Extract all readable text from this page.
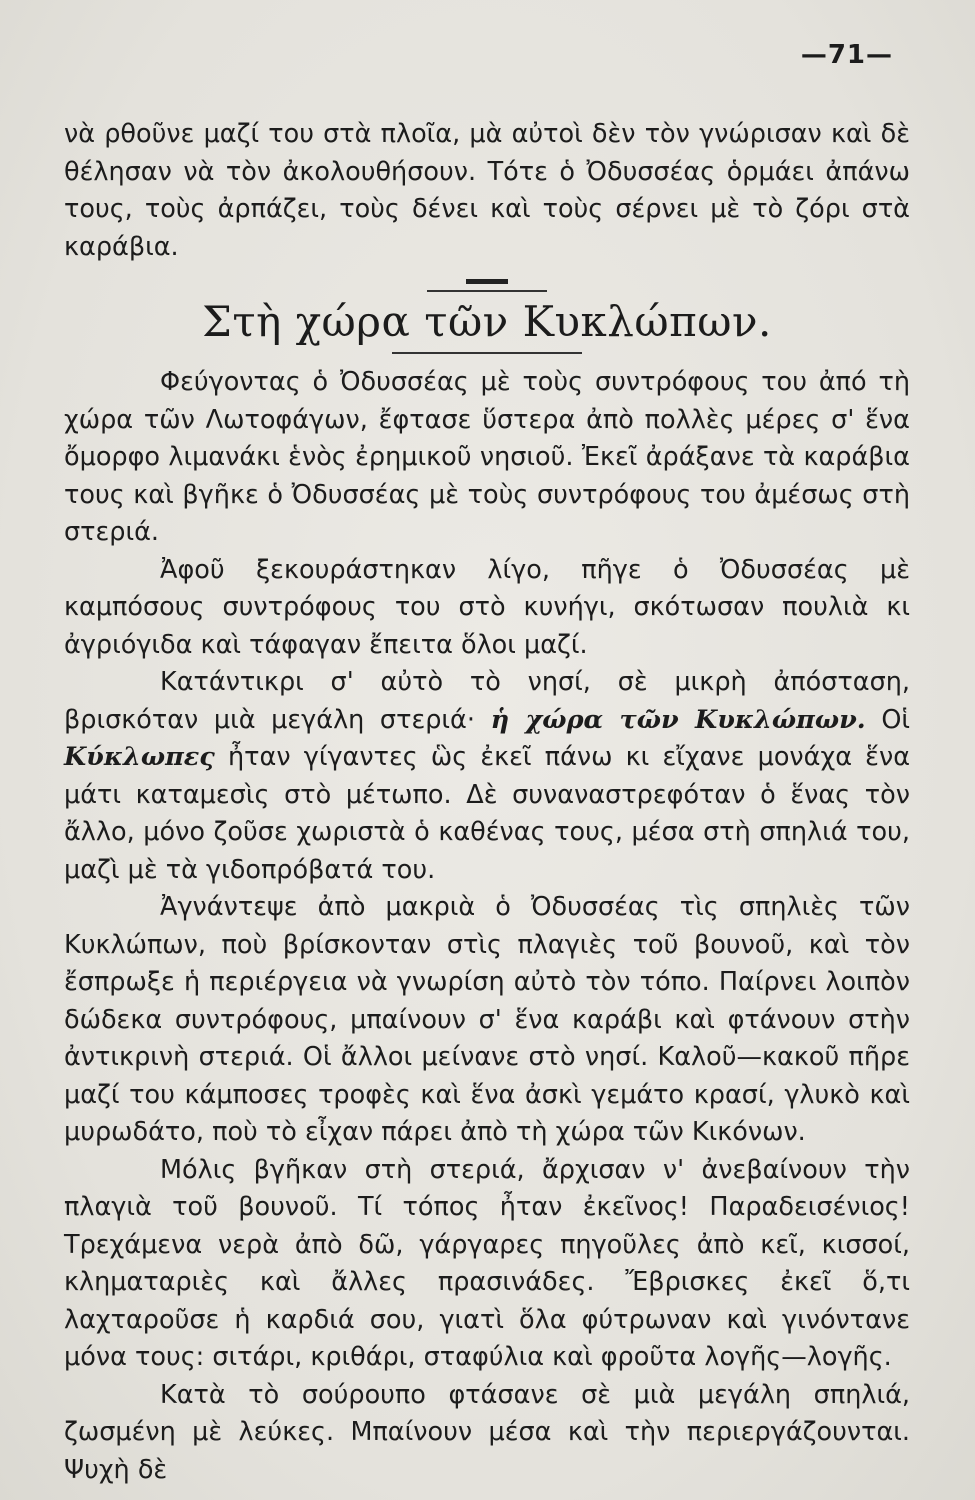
—71—

νὰ ρθοῦνε μαζί του στὰ πλοῖα, μὰ αὐτοὶ δὲν τὸν γνώρισαν καὶ δὲ θέλησαν νὰ τὸν ἀκολουθήσουν. Τότε ὁ Ὀδυσσέας ὁρμάει ἀπάνω τους, τοὺς ἀρπάζει, τοὺς δένει καὶ τοὺς σέρνει μὲ τὸ ζόρι στὰ καράβια.

Στὴ χώρα τῶν Κυκλώπων.

Φεύγοντας ὁ Ὀδυσσέας μὲ τοὺς συντρόφους του ἀπό τὴ χώρα τῶν Λωτοφάγων, ἔφτασε ὕστερα ἀπὸ πολλὲς μέρες σ' ἕνα ὄμορφο λιμανάκι ἑνὸς ἐρημικοῦ νησιοῦ. Ἐκεῖ ἀράξανε τὰ καράβια τους καὶ βγῆκε ὁ Ὀδυσσέας μὲ τοὺς συντρόφους του ἀμέσως στὴ στεριά.

Ἀφοῦ ξεκουράστηκαν λίγο, πῆγε ὁ Ὀδυσσέας μὲ καμπόσους συντρόφους του στὸ κυνήγι, σκότωσαν πουλιὰ κι ἀγριόγιδα καὶ τάφαγαν ἔπειτα ὅλοι μαζί.

Κατάντικρι σ' αὐτὸ τὸ νησί, σὲ μικρὴ ἀπόσταση, βρισκόταν μιὰ μεγάλη στεριά· ἡ χώρα τῶν Κυκλώπων. Οἱ Κύκλωπες ἦταν γίγαντες ὣς ἐκεῖ πάνω κι εἴχανε μονάχα ἕνα μάτι καταμεσὶς στὸ μέτωπο. Δὲ συναναστρεφόταν ὁ ἕνας τὸν ἄλλο, μόνο ζοῦσε χωριστὰ ὁ καθένας τους, μέσα στὴ σπηλιά του, μαζὶ μὲ τὰ γιδοπρόβατά του.

Ἀγνάντεψε ἀπὸ μακριὰ ὁ Ὀδυσσέας τὶς σπηλιὲς τῶν Κυκλώπων, ποὺ βρίσκονταν στὶς πλαγιὲς τοῦ βουνοῦ, καὶ τὸν ἔσπρωξε ἡ περιέργεια νὰ γνωρίση αὐτὸ τὸν τόπο. Παίρνει λοιπὸν δώδεκα συντρόφους, μπαίνουν σ' ἕνα καράβι καὶ φτάνουν στὴν ἀντικρινὴ στεριά. Οἱ ἄλλοι μείνανε στὸ νησί. Καλοῦ—κακοῦ πῆρε μαζί του κάμποσες τροφὲς καὶ ἕνα ἀσκὶ γεμάτο κρασί, γλυκὸ καὶ μυρωδάτο, ποὺ τὸ εἶχαν πάρει ἀπὸ τὴ χώρα τῶν Κικόνων.

Μόλις βγῆκαν στὴ στεριά, ἄρχισαν ν' ἀνεβαίνουν τὴν πλαγιὰ τοῦ βουνοῦ. Τί τόπος ἦταν ἐκεῖνος! Παραδεισένιος! Τρεχάμενα νερὰ ἀπὸ δῶ, γάργαρες πηγοῦλες ἀπὸ κεῖ, κισσοί, κληματαριὲς καὶ ἄλλες πρασινάδες. Ἔβρισκες ἐκεῖ ὅ,τι λαχταροῦσε ἡ καρδιά σου, γιατὶ ὅλα φύτρωναν καὶ γινόντανε μόνα τους: σιτάρι, κριθάρι, σταφύλια καὶ φροῦτα λογῆς—λογῆς.

Κατὰ τὸ σούρουπο φτάσανε σὲ μιὰ μεγάλη σπηλιά, ζωσμένη μὲ λεύκες. Μπαίνουν μέσα καὶ τὴν περιεργάζουνται. Ψυχὴ δὲ
